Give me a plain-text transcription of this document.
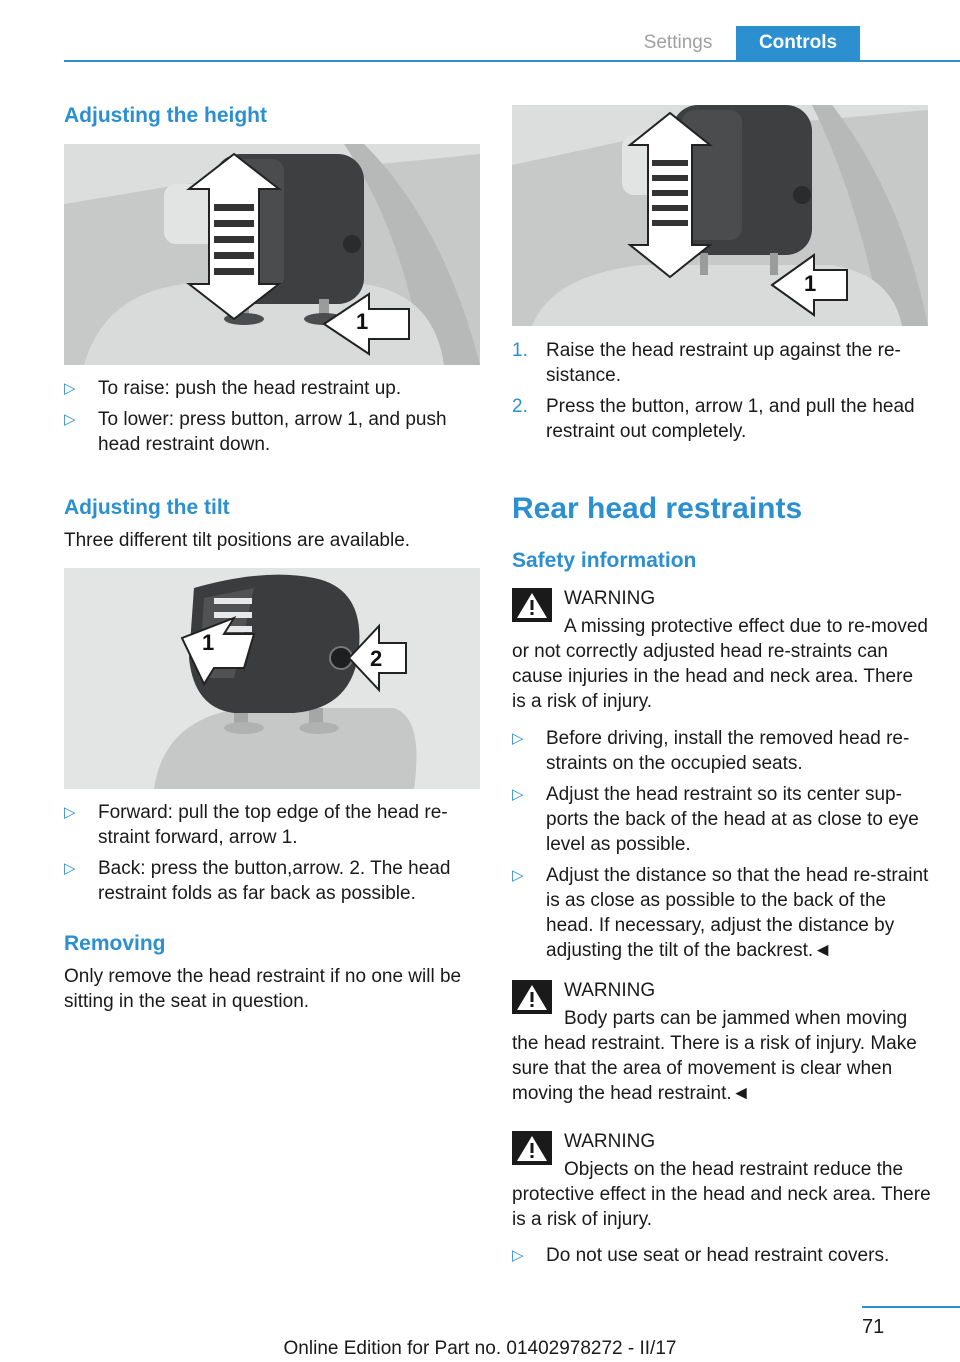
Settings	Controls
Adjusting the height
1
▷ To raise: push the head restraint up.
▷ To lower: press button, arrow 1, and push head restraint down.
Adjusting the tilt

Three different tilt positions are available.

1
2
▷ Forward: pull the top edge of the head re‐straint forward, arrow 1.
▷ Back: press the button,arrow. 2. The head restraint folds as far back as possible.
Removing

Only remove the head restraint if no one will be sitting in the seat in question.

1
1. Raise the head restraint up against the re‐sistance.
2. Press the button, arrow 1, and pull the head restraint out completely.
Rear head restraints
Safety information
WARNING
A missing protective effect due to re‐moved or not correctly adjusted head re‐straints can cause injuries in the head and neck area. There is a risk of injury.
▷ Before driving, install the removed head re‐straints on the occupied seats.
▷ Adjust the head restraint so its center sup‐ports the back of the head at as close to eye level as possible.
▷ Adjust the distance so that the head re‐straint is as close as possible to the back of the head. If necessary, adjust the distance by adjusting the tilt of the backrest.◄
WARNING
Body parts can be jammed when moving the head restraint. There is a risk of injury. Make sure that the area of movement is clear when moving the head restraint.◄
WARNING
Objects on the head restraint reduce the protective effect in the head and neck area. There is a risk of injury.
▷ Do not use seat or head restraint covers.
71
Online Edition for Part no. 01402978272 - II/17
